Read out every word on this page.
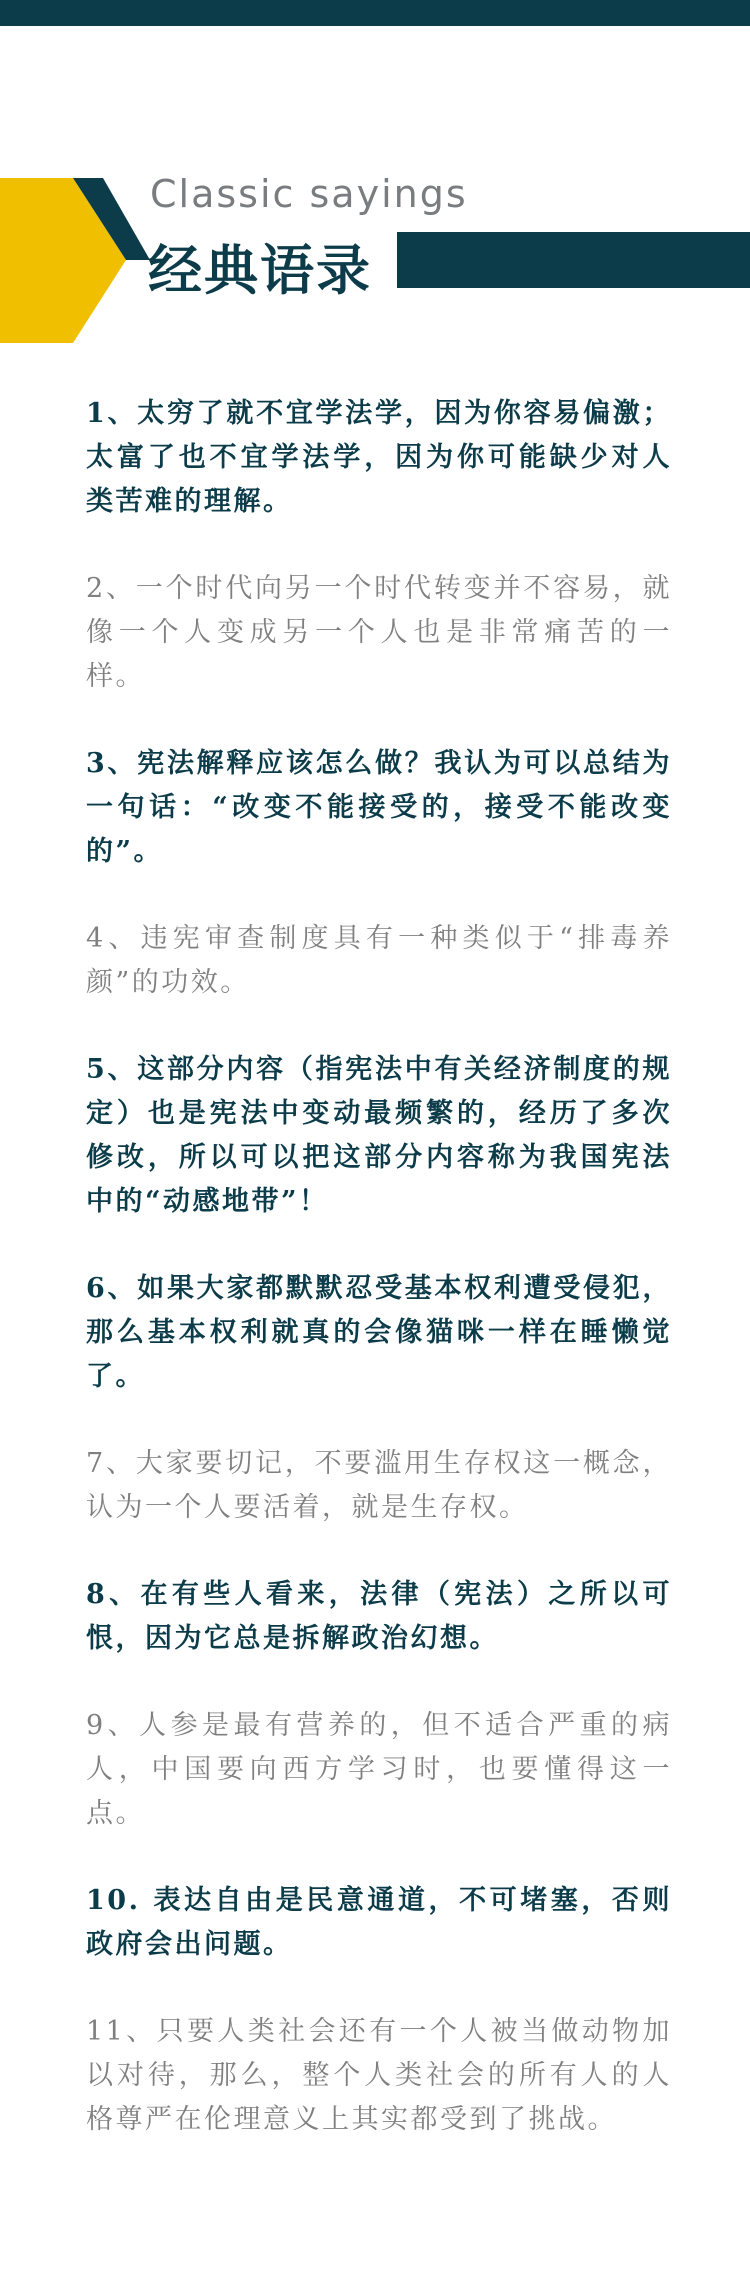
Classic sayings
经典语录
1、太穷了就不宜学法学，因为你容易偏激；太富了也不宜学法学，因为你可能缺少对人类苦难的理解。
2、一个时代向另一个时代转变并不容易，就像一个人变成另一个人也是非常痛苦的一样。
3、宪法解释应该怎么做？我认为可以总结为一句话：“改变不能接受的，接受不能改变的”。
4、违宪审查制度具有一种类似于“排毒养颜”的功效。
5、这部分内容（指宪法中有关经济制度的规定）也是宪法中变动最频繁的，经历了多次修改，所以可以把这部分内容称为我国宪法中的“动感地带”！
6、如果大家都默默忍受基本权利遭受侵犯，那么基本权利就真的会像猫咪一样在睡懒觉了。
7、大家要切记，不要滥用生存权这一概念，认为一个人要活着，就是生存权。
8、在有些人看来，法律（宪法）之所以可恨，因为它总是拆解政治幻想。
9、人参是最有营养的，但不适合严重的病人，中国要向西方学习时，也要懂得这一点。
10. 表达自由是民意通道，不可堵塞，否则政府会出问题。
11、只要人类社会还有一个人被当做动物加以对待，那么，整个人类社会的所有人的人格尊严在伦理意义上其实都受到了挑战。
